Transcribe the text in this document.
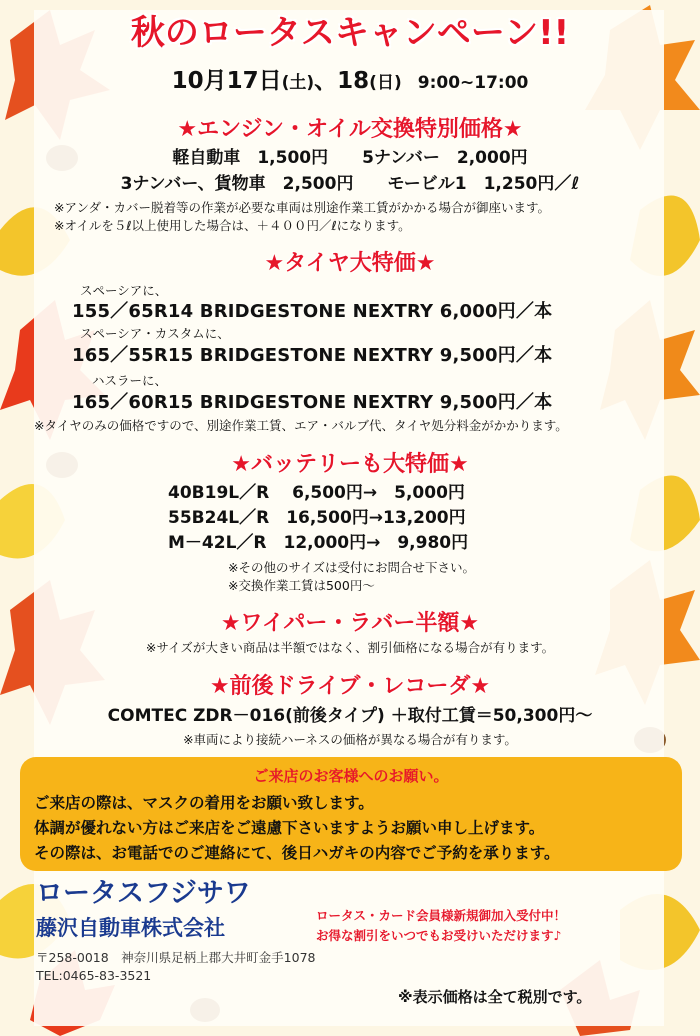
秋のロータスキャンペーン!!
10月17日(土)、18(日) 9:00~17:00
★エンジン・オイル交換特別価格★
軽自動車　1,500円　　5ナンバー　2,000円
3ナンバー、貨物車　2,500円　　モービル1　1,250円／ℓ
※アンダ・カバー脱着等の作業が必要な車両は別途作業工賃がかかる場合が御座います。
※オイルを５ℓ以上使用した場合は、＋４００円／ℓになります。
★タイヤ大特価★
スペーシアに、
155／65R14 BRIDGESTONE NEXTRY 6,000円／本
スペーシア・カスタムに、
165／55R15 BRIDGESTONE NEXTRY 9,500円／本
ハスラーに、
165／60R15 BRIDGESTONE NEXTRY 9,500円／本
※タイヤのみの価格ですので、別途作業工賃、エア・バルブ代、タイヤ処分料金がかかります。
★バッテリーも大特価★
40B19L／R　 6,500円→　5,000円
55B24L／R　16,500円→13,200円
M－42L／R　12,000円→　9,980円
※その他のサイズは受付にお問合せ下さい。
※交換作業工賃は500円～
★ワイパー・ラバー半額★
※サイズが大きい商品は半額ではなく、割引価格になる場合が有ります。
★前後ドライブ・レコーダ★
COMTEC ZDR－016(前後タイプ) ＋取付工賃＝50,300円～
※車両により接続ハーネスの価格が異なる場合が有ります。
ご来店のお客様へのお願い。
ご来店の際は、マスクの着用をお願い致します。
体調が優れない方はご来店をご遠慮下さいますようお願い申し上げます。
その際は、お電話でのご連絡にて、後日ハガキの内容でご予約を承ります。
ロータスフジサワ
藤沢自動車株式会社
〒258-0018　神奈川県足柄上郡大井町金手1078
TEL:0465-83-3521
ロータス・カード会員様新規御加入受付中！
お得な割引をいつでもお受けいただけます♪
※表示価格は全て税別です。
